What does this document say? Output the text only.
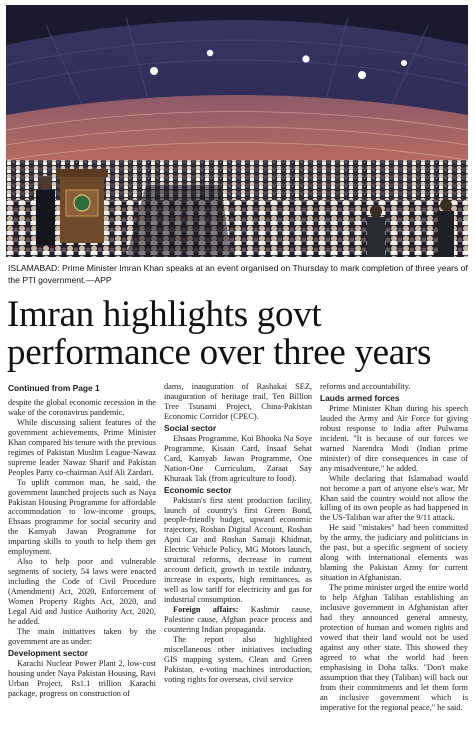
ISLAMABAD: Prime Minister Imran Khan speaks at an event organised on Thursday to mark completion of three years of the PTI government.—APP

Imran highlights govt performance over three years
Continued from Page 1

despite the global economic recession in the wake of the coronavirus pandemic.

While discussing salient features of the government achievements, Prime Minister Khan compared his tenure with the previous regimes of Pakistan Muslim League-Nawaz supreme leader Nawaz Sharif and Pakistan Peoples Party co-chairman Asif Ali Zardari.

To uplift common man, he said, the government launched projects such as Naya Pakistan Housing Programme for affordable accommodation to low-income groups, Ehsaas programme for social security and the Kamyab Jawan Programme for imparting skills to youth to help them get employment.

Also to help poor and vulnerable segments of society, 54 laws were enacted including the Code of Civil Procedure (Amendment) Act, 2020, Enforcement of Women Property Rights Act, 2020, and Legal Aid and Justice Authority Act, 2020, he added.

The main initiatives taken by the government are as under:

Development sector

Karachi Nuclear Power Plant 2, low-cost housing under Naya Pakistan Housing, Ravi Urban Project, Rs1.1 trillion Karachi package, progress on construction of

dams, inauguration of Rashakai SEZ, inauguration of heritage trail, Ten Billion Tree Tsunami Project, China-Pakistan Economic Corridor (CPEC).

Social sector

Ehsaas Programme, Koi Bhooka Na Soye Programme, Kisaan Card, Insaaf Sehat Card, Kamyab Jawan Programme, One Nation-One Curriculum, Zaraat Say Khuraak Tak (from agriculture to food).

Economic sector

Pakistan's first stent production facility, launch of country's first Green Bond, people-friendly budget, upward economic trajectory, Roshan Digital Account, Roshan Apni Car and Roshan Samaji Khidmat, Electric Vehicle Policy, MG Motors launch, structural reforms, decrease in current account deficit, growth in textile industry, increase in exports, high remittances, as well as low tariff for electricity and gas for industrial consumption.

Foreign affairs: Kashmir cause, Palestine cause, Afghan peace process and countering Indian propaganda.

The report also highlighted miscellaneous other initiatives including GIS mapping system, Clean and Green Pakistan, e-voting machines introduction, voting rights for overseas, civil service

reforms and accountability.

Lauds armed forces

Prime Minister Khan during his speech lauded the Army and Air Force for giving robust response to India after Pulwama incident. "It is because of our forces we warned Narendra Modi (Indian prime minister) of dire consequences in case of any misadventure," he added.

While declaring that Islamabad would not become a part of anyone else's war, Mr Khan said the country would not allow the killing of its own people as had happened in the US-Taliban war after the 9/11 attack.

He said "mistakes" had been committed by the army, the judiciary and politicians in the past, but a specific segment of society along with international elements was blaming the Pakistan Army for current situation in Afghanistan.

The prime minister urged the entire world to help Afghan Taliban establishing an inclusive government in Afghanistan after had they announced general amnesty, protection of human and women rights and vowed that their land would not be used against any other state. This showed they agreed to what the world had been emphasising in Doha talks. "Don't make assumption that they (Taliban) will back out from their commitments and let them form an inclusive government which is imperative for the regional peace," he said.
